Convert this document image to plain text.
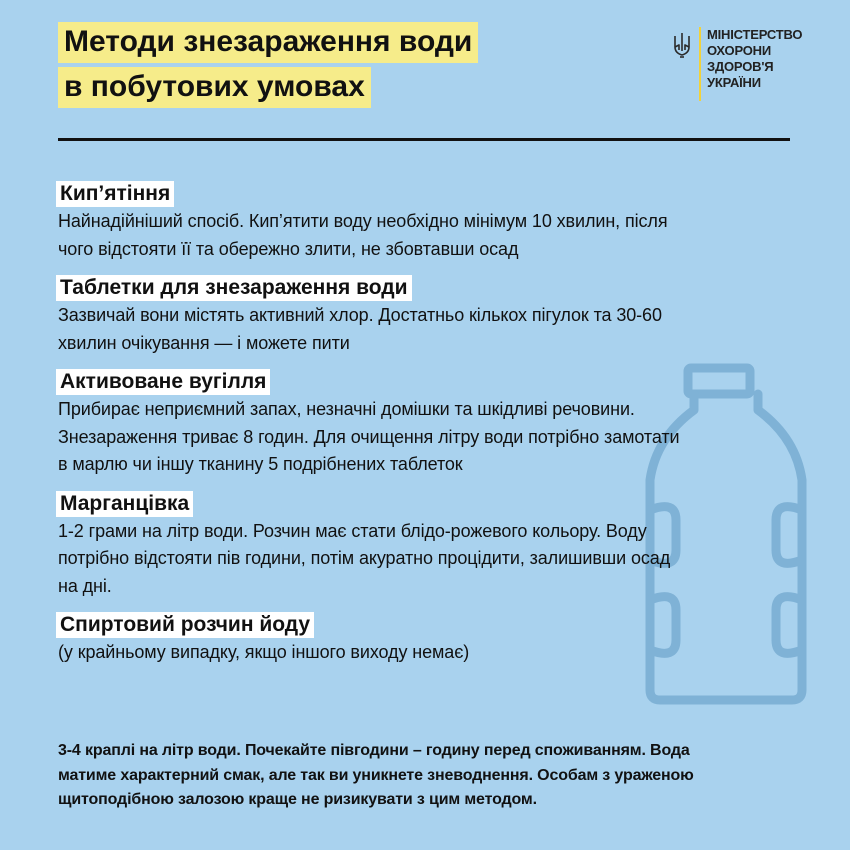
Методи знезараження води
в побутових умовах
МІНІСТЕРСТВО
ОХОРОНИ
ЗДОРОВ'Я
УКРАЇНИ
Кип’ятіння

Найнадійніший спосіб. Кип’ятити воду необхідно мінімум 10 хвилин, після
чого відстояти її та обережно злити, не збовтавши осад

Таблетки для знезараження води

Зазвичай вони містять активний хлор. Достатньо кількох пігулок та 30-60
хвилин очікування — і можете пити

Активоване вугілля

Прибирає неприємний запах, незначні домішки та шкідливі речовини.
Знезараження триває 8 годин. Для очищення літру води потрібно замотати
в марлю чи іншу тканину 5 подрібнених таблеток

Марганцівка

1-2 грами на літр води. Розчин має стати блідо-рожевого кольору. Воду
потрібно відстояти пів години, потім акуратно процідити, залишивши осад
на дні.

Спиртовий розчин йоду

(у крайньому випадку, якщо іншого виходу немає)

3-4 краплі на літр води. Почекайте півгодини – годину перед споживанням. Вода
матиме характерний смак, але так ви уникнете зневоднення. Особам з ураженою
щитоподібною залозою краще не ризикувати з цим методом.
